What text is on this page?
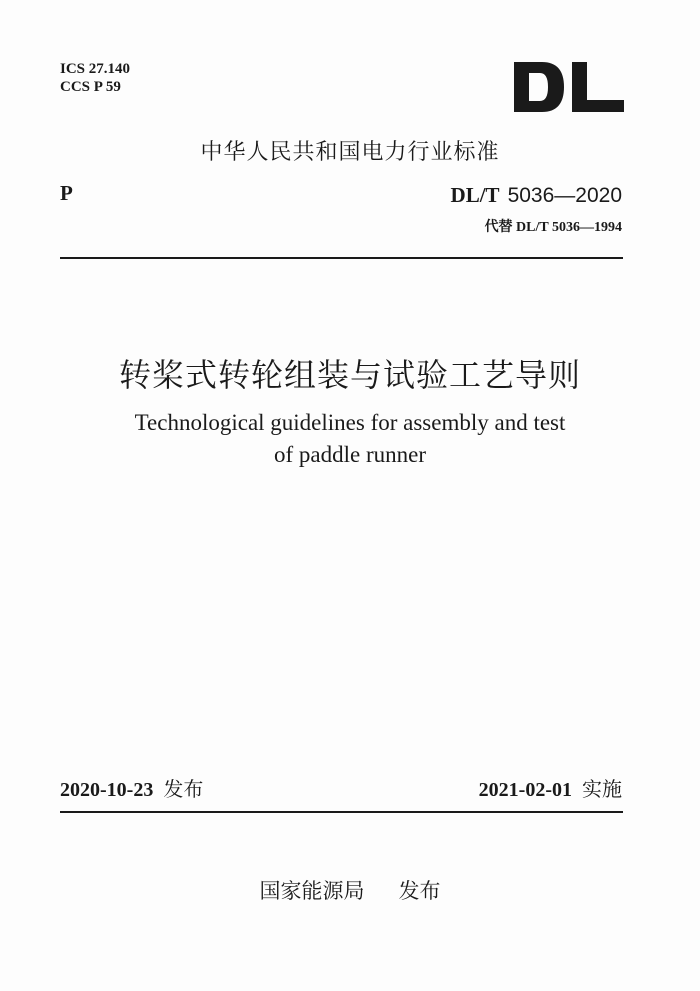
ICS 27.140
CCS P 59
中华人民共和国电力行业标准
P	DL/T 5036—2020
代替 DL/T 5036—1994
转桨式转轮组装与试验工艺导则
Technological guidelines for assembly and test
of paddle runner
2020-10-23 发布	2021-02-01 实施
国家能源局 发布
